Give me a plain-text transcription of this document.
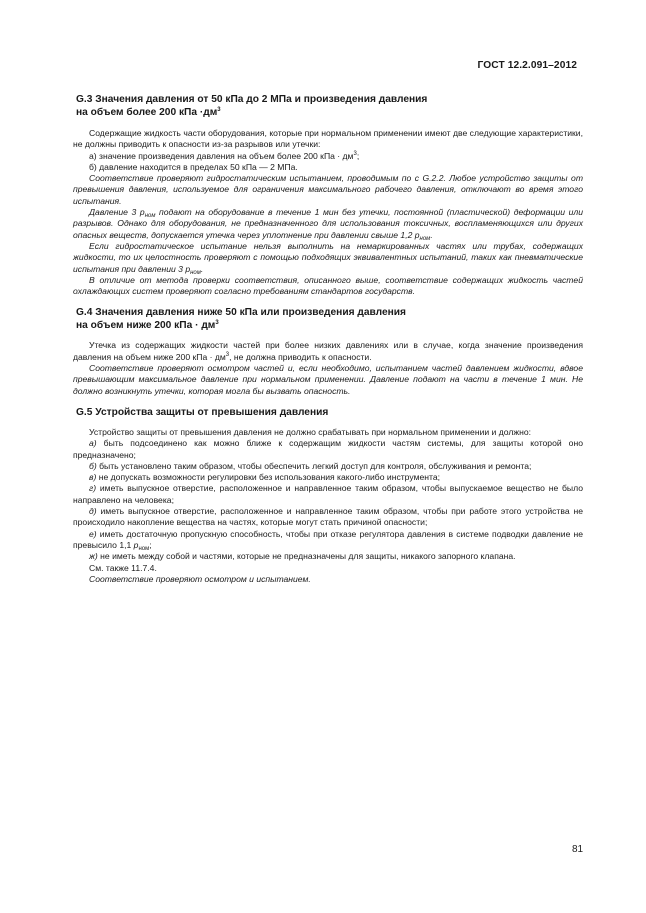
ГОСТ 12.2.091–2012
G.3 Значения давления от 50 кПа до 2 МПа и произведения давления
на объем более 200 кПа $\cdot дм^3$

Содержащие жидкость части оборудования, которые при нормальном применении имеют две следующие характеристики, не должны приводить к опасности из-за разрывов или утечки:

а) значение произведения давления на объем более 200 кПа · $дм^3$;

б) давление находится в пределах 50 кПа — 2 МПа.

Соответствие проверяют гидростатическим испытанием, проводимым по с G.2.2. Любое устройство защиты от превышения давления, используемое для ограничения максимального рабочего давления, отключают во время этого испытания.

Давление 3 $p_{ном}$ подают на оборудование в течение 1 мин без утечки, постоянной (пластической) деформации или разрывов. Однако для оборудования, не предназначенного для использования токсичных, воспламеняющихся или других опасных веществ, допускается утечка через уплотнение при давлении свыше 1,2 $p_{ном}$.

Если гидростатическое испытание нельзя выполнить на немаркированных частях или трубах, содержащих жидкости, то их целостность проверяют с помощью подходящих эквивалентных испытаний, таких как пневматические испытания при давлении 3 $p_{ном}$.

В отличие от метода проверки соответствия, описанного выше, соответствие содержащих жидкость частей охлаждающих систем проверяют согласно требованиям стандартов государств.

G.4 Значения давления ниже 50 кПа или произведения давления
на объем ниже 200 кПа · $дм^3$

Утечка из содержащих жидкости частей при более низких давлениях или в случае, когда значение произведения давления на объем ниже 200 кПа · $дм^3$, не должна приводить к опасности.

Соответствие проверяют осмотром частей и, если необходимо, испытанием частей давлением жидкости, вдвое превышающим максимальное давление при нормальном применении. Давление подают на части в течение 1 мин. Не должно возникнуть утечки, которая могла бы вызвать опасность.

G.5 Устройства защиты от превышения давления

Устройство защиты от превышения давления не должно срабатывать при нормальном применении и должно:

а) быть подсоединено как можно ближе к содержащим жидкости частям системы, для защиты которой оно предназначено;

б) быть установлено таким образом, чтобы обеспечить легкий доступ для контроля, обслуживания и ремонта;

в) не допускать возможности регулировки без использования какого-либо инструмента;

г) иметь выпускное отверстие, расположенное и направленное таким образом, чтобы выпускаемое вещество не было направлено на человека;

д) иметь выпускное отверстие, расположенное и направленное таким образом, чтобы при работе этого устройства не происходило накопление вещества на частях, которые могут стать причиной опасности;

е) иметь достаточную пропускную способность, чтобы при отказе регулятора давления в системе подводки давление не превысило 1,1 $p_{ном}$;

ж) не иметь между собой и частями, которые не предназначены для защиты, никакого запорного клапана.

См. также 11.7.4.

Соответствие проверяют осмотром и испытанием.

81
